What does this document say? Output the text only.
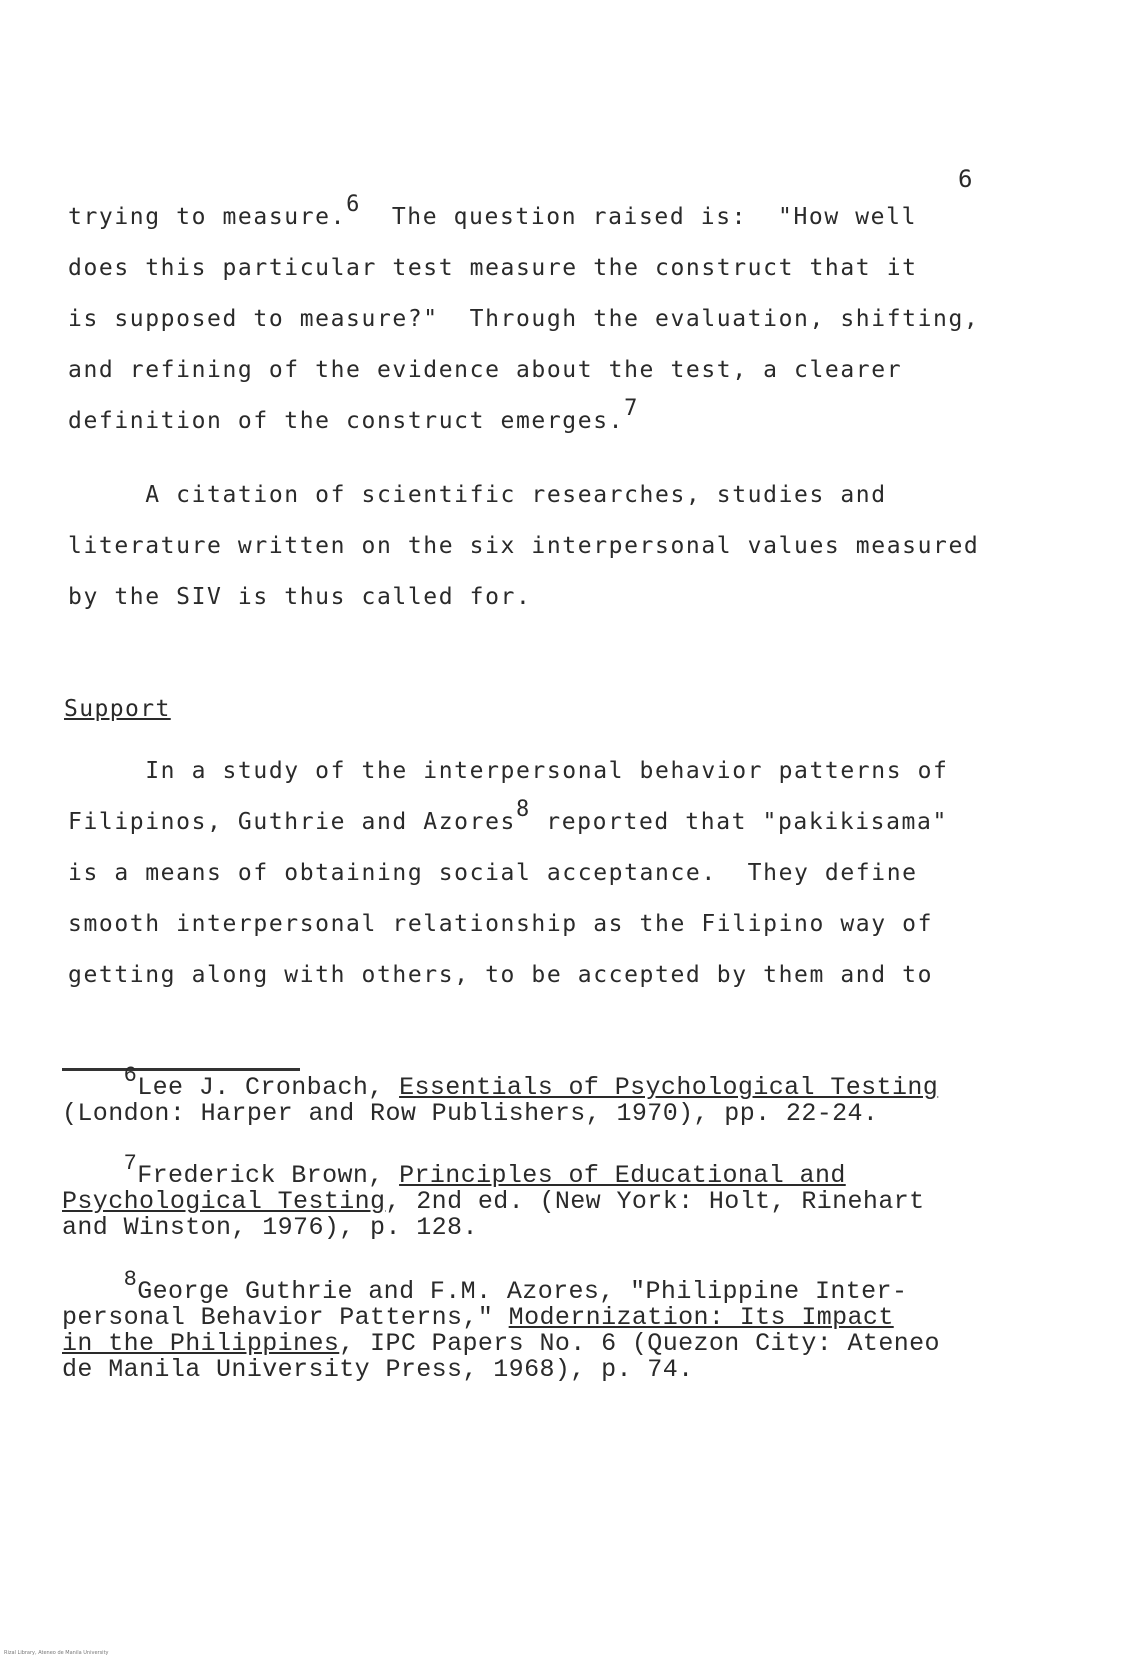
6
trying to measure.$^6$  The question raised is:  "How well
does this particular test measure the construct that it
is supposed to measure?"  Through the evaluation, shifting,
and refining of the evidence about the test, a clearer
definition of the construct emerges.$^7$
A citation of scientific researches, studies and
literature written on the six interpersonal values measured
by the SIV is thus called for.
Support
In a study of the interpersonal behavior patterns of
Filipinos, Guthrie and Azores$^8$ reported that "pakikisama"
is a means of obtaining social acceptance.  They define
smooth interpersonal relationship as the Filipino way of
getting along with others, to be accepted by them and to
$^6$Lee J. Cronbach, Essentials of Psychological Testing
(London: Harper and Row Publishers, 1970), pp. 22-24.
$^7$Frederick Brown, Principles of Educational and
Psychological Testing, 2nd ed. (New York: Holt, Rinehart
and Winston, 1976), p. 128.
$^8$George Guthrie and F.M. Azores, "Philippine Inter-
personal Behavior Patterns," Modernization: Its Impact
in the Philippines, IPC Papers No. 6 (Quezon City: Ateneo
de Manila University Press, 1968), p. 74.
Rizal Library, Ateneo de Manila University
